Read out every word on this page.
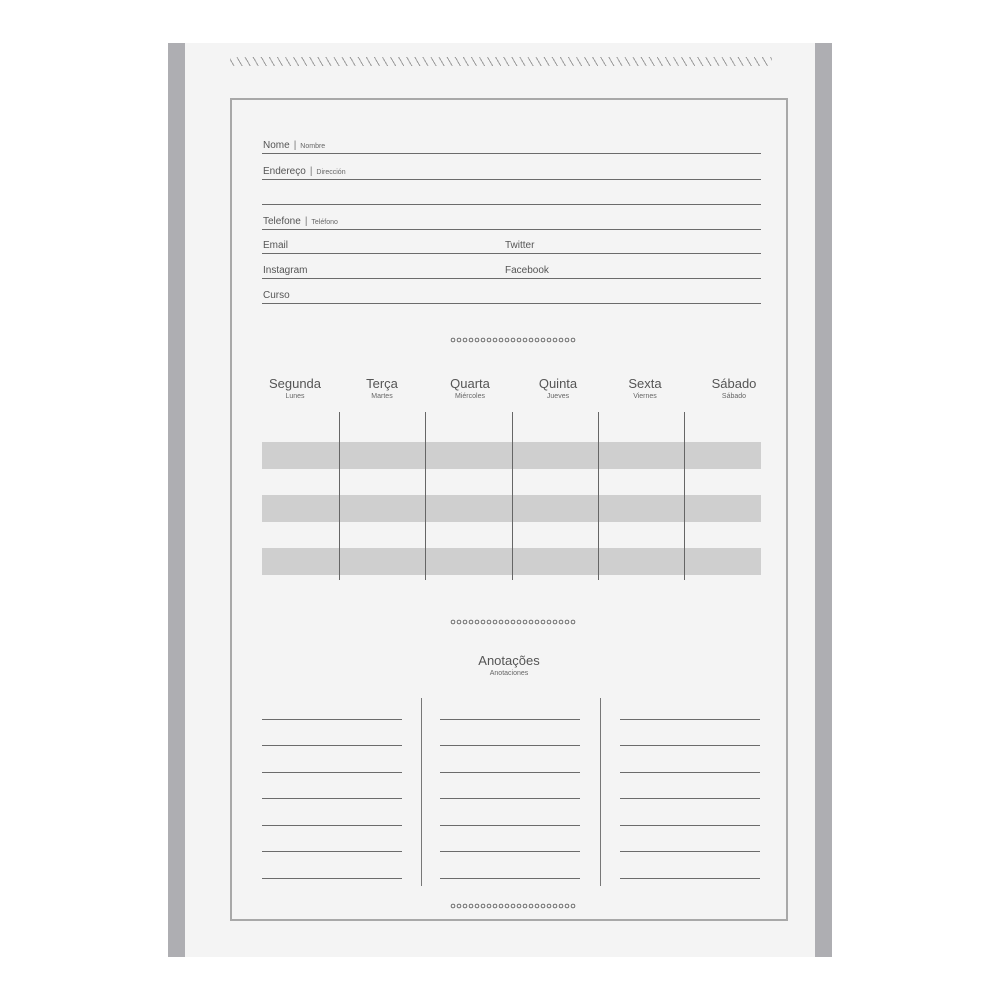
Nome | Nombre
Endereço | Dirección
Telefone | Teléfono
Email	Twitter
Instagram	Facebook
Curso
Segunda
Lunes
Terça
Martes
Quarta
Miércoles
Quinta
Jueves
Sexta
Viernes
Sábado
Sábado
Anotações
Anotaciones
